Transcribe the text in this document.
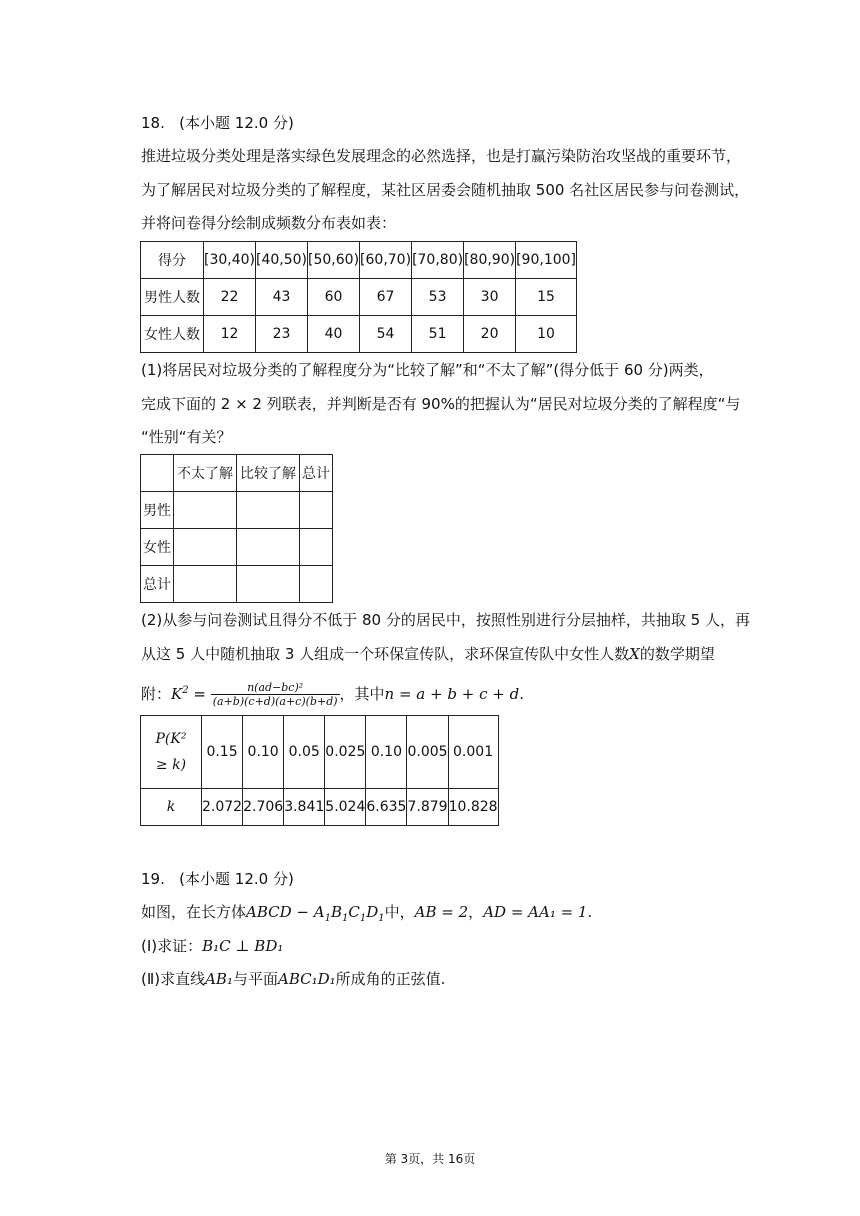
18.   (本小题 12.0 分)
推进垃圾分类处理是落实绿色发展理念的必然选择，也是打赢污染防治攻坚战的重要环节，
为了解居民对垃圾分类的了解程度，某社区居委会随机抽取 500 名社区居民参与问卷测试，
并将问卷得分绘制成频数分布表如表：
得分	[30,40)	[40,50)	[50,60)	[60,70)	[70,80)	[80,90)	[90,100]
男性人数	22	43	60	67	53	30	15
女性人数	12	23	40	54	51	20	10
(1)将居民对垃圾分类的了解程度分为“比较了解”和“不太了解”(得分低于 60 分)两类，
完成下面的 2 × 2 列联表，并判断是否有 90%的把握认为“居民对垃圾分类的了解程度“与
“性别“有关？
	不太了解	比较了解	总计
男性			
女性			
总计			
(2)从参与问卷测试且得分不低于 80 分的居民中，按照性别进行分层抽样，共抽取 5 人，再
从这 5 人中随机抽取 3 人组成一个环保宣传队，求环保宣传队中女性人数X的数学期望
附：$K^2 = \frac{\text{n(ad−bc)²}}{(a+b)(c+d)(a+c)(b+d)}$ ，其中n = a + b + c + d.
P(K²
≥ k)	0.15	0.10	0.05	0.025	0.10	0.005	0.001
k	2.072	2.706	3.841	5.024	6.635	7.879	10.828
19.   (本小题 12.0 分)
如图，在长方体ABCD − $A_1B_1C_1D_1$中，AB = 2，AD = AA₁ = 1.
(Ⅰ)求证：B₁C ⊥ BD₁
(Ⅱ)求直线AB₁与平面ABC₁D₁所成角的正弦值.
第 3页，共 16页
